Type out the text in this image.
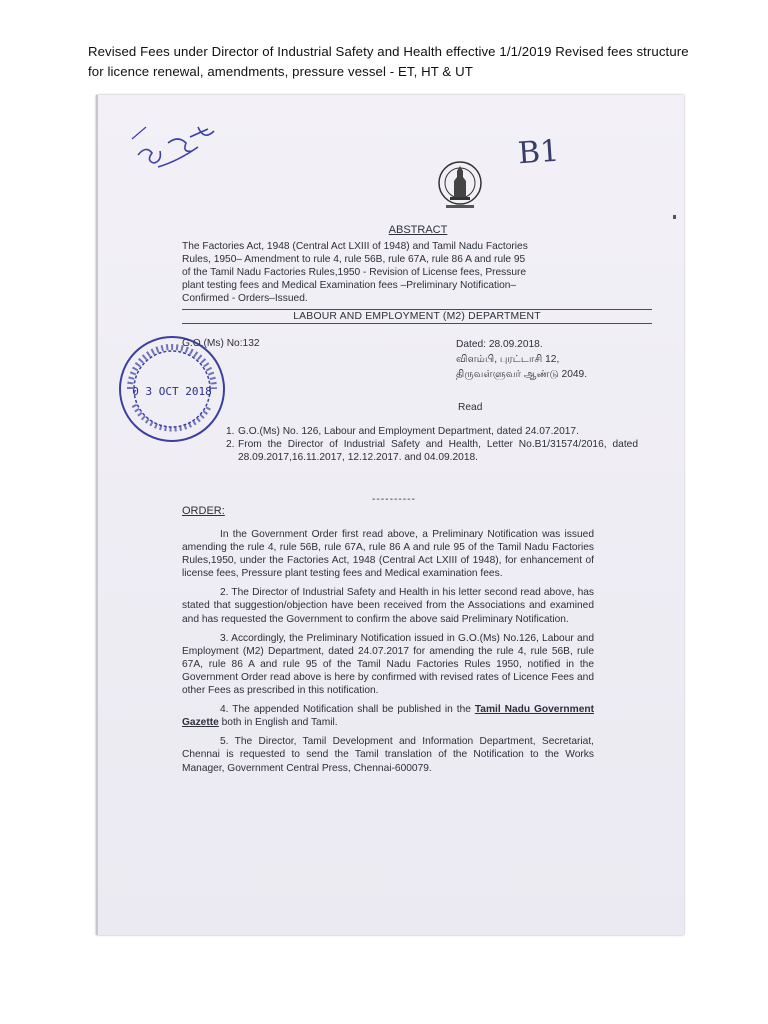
Revised Fees under Director of Industrial Safety and Health effective 1/1/2019 Revised fees structure
for licence renewal, amendments, pressure vessel - ET, HT & UT
B1
0 3 OCT 2018
ABSTRACT
The Factories Act, 1948 (Central Act LXIII of 1948) and Tamil Nadu Factories
Rules, 1950– Amendment to rule 4, rule 56B, rule 67A, rule 86 A and rule 95
of the Tamil Nadu Factories Rules,1950 - Revision of License fees, Pressure
plant testing fees and Medical Examination fees –Preliminary Notification–
Confirmed - Orders–Issued.
LABOUR AND EMPLOYMENT (M2) DEPARTMENT
G.O.(Ms) No:132	Dated: 28.09.2018.
விளம்பி, புரட்டாசி 12,
திருவள்ளுவர் ஆண்டு 2049.
Read
1. G.O.(Ms) No. 126, Labour and Employment Department, dated 24.07.2017.
2. From the Director of Industrial Safety and Health, Letter No.B1/31574/2016, dated 28.09.2017,16.11.2017, 12.12.2017. and 04.09.2018.
----------
ORDER:

In the Government Order first read above, a Preliminary Notification was issued amending the rule 4, rule 56B, rule 67A, rule 86 A and rule 95 of the Tamil Nadu Factories Rules,1950, under the Factories Act, 1948 (Central Act LXIII of 1948), for enhancement of license fees, Pressure plant testing fees and Medical examination fees.

2. The Director of Industrial Safety and Health in his letter second read above, has stated that suggestion/objection have been received from the Associations and examined and has requested the Government to confirm the above said Preliminary Notification.

3. Accordingly, the Preliminary Notification issued in G.O.(Ms) No.126, Labour and Employment (M2) Department, dated 24.07.2017 for amending the rule 4, rule 56B, rule 67A, rule 86 A and rule 95 of the Tamil Nadu Factories Rules 1950, notified in the Government Order read above is here by confirmed with revised rates of Licence Fees and other Fees as prescribed in this notification.

4. The appended Notification shall be published in the Tamil Nadu Government Gazette both in English and Tamil.

5. The Director, Tamil Development and Information Department, Secretariat, Chennai is requested to send the Tamil translation of the Notification to the Works Manager, Government Central Press, Chennai-600079.
